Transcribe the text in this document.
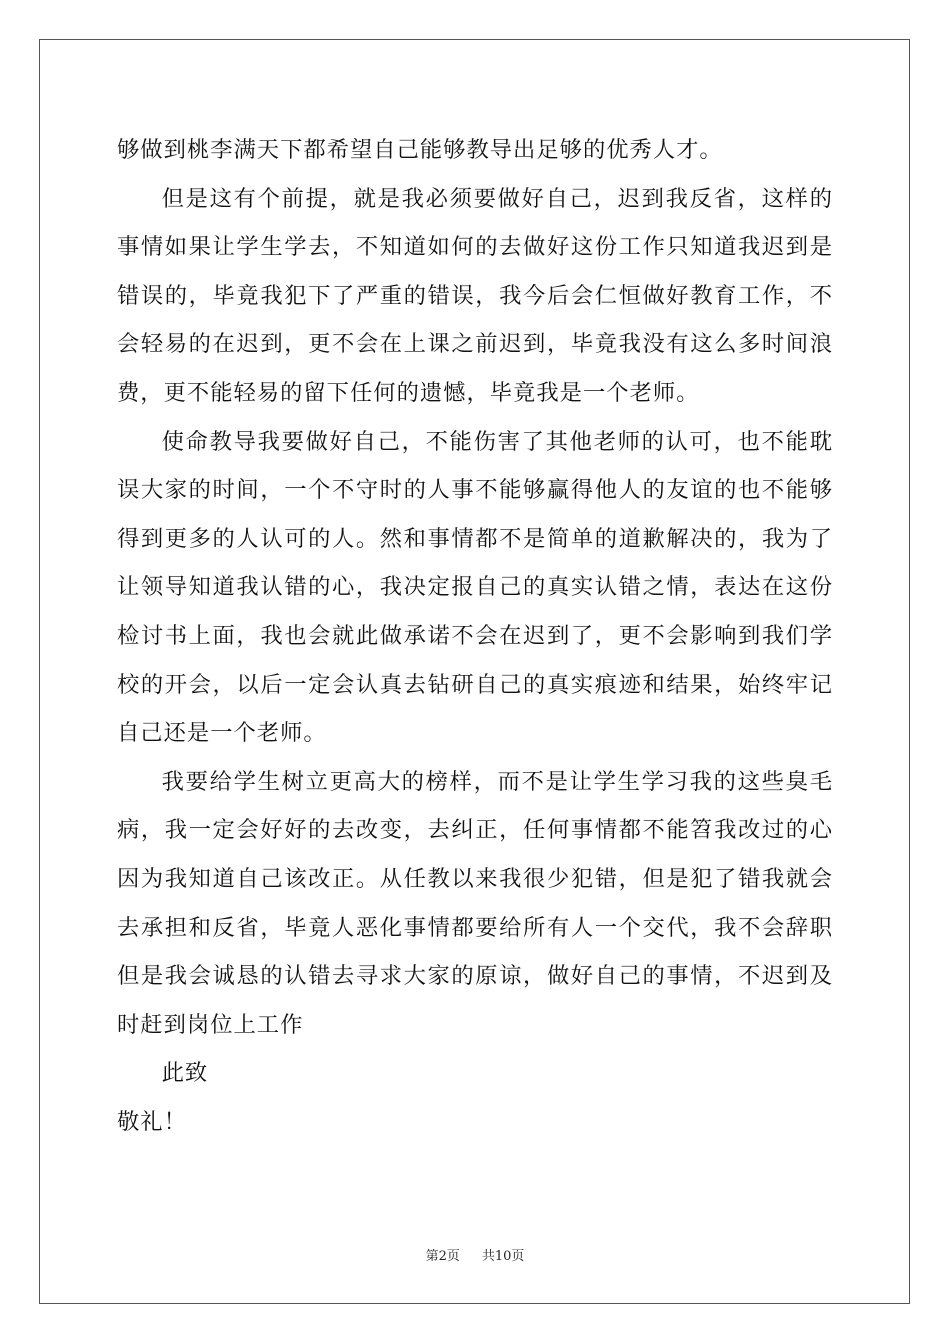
够做到桃李满天下都希望自己能够教导出足够的优秀人才。

但是这有个前提，就是我必须要做好自己，迟到我反省，这样的事情如果让学生学去，不知道如何的去做好这份工作只知道我迟到是错误的，毕竟我犯下了严重的错误，我今后会仁恒做好教育工作，不会轻易的在迟到，更不会在上课之前迟到，毕竟我没有这么多时间浪费，更不能轻易的留下任何的遗憾，毕竟我是一个老师。

使命教导我要做好自己，不能伤害了其他老师的认可，也不能耽误大家的时间，一个不守时的人事不能够赢得他人的友谊的也不能够得到更多的人认可的人。然和事情都不是简单的道歉解决的，我为了让领导知道我认错的心，我决定报自己的真实认错之情，表达在这份检讨书上面，我也会就此做承诺不会在迟到了，更不会影响到我们学校的开会，以后一定会认真去钻研自己的真实痕迹和结果，始终牢记自己还是一个老师。

我要给学生树立更高大的榜样，而不是让学生学习我的这些臭毛病，我一定会好好的去改变，去纠正，任何事情都不能笤我改过的心因为我知道自己该改正。从任教以来我很少犯错，但是犯了错我就会去承担和反省，毕竟人恶化事情都要给所有人一个交代，我不会辞职但是我会诚恳的认错去寻求大家的原谅，做好自己的事情，不迟到及时赶到岗位上工作

此致

敬礼！

第2页 共10页
